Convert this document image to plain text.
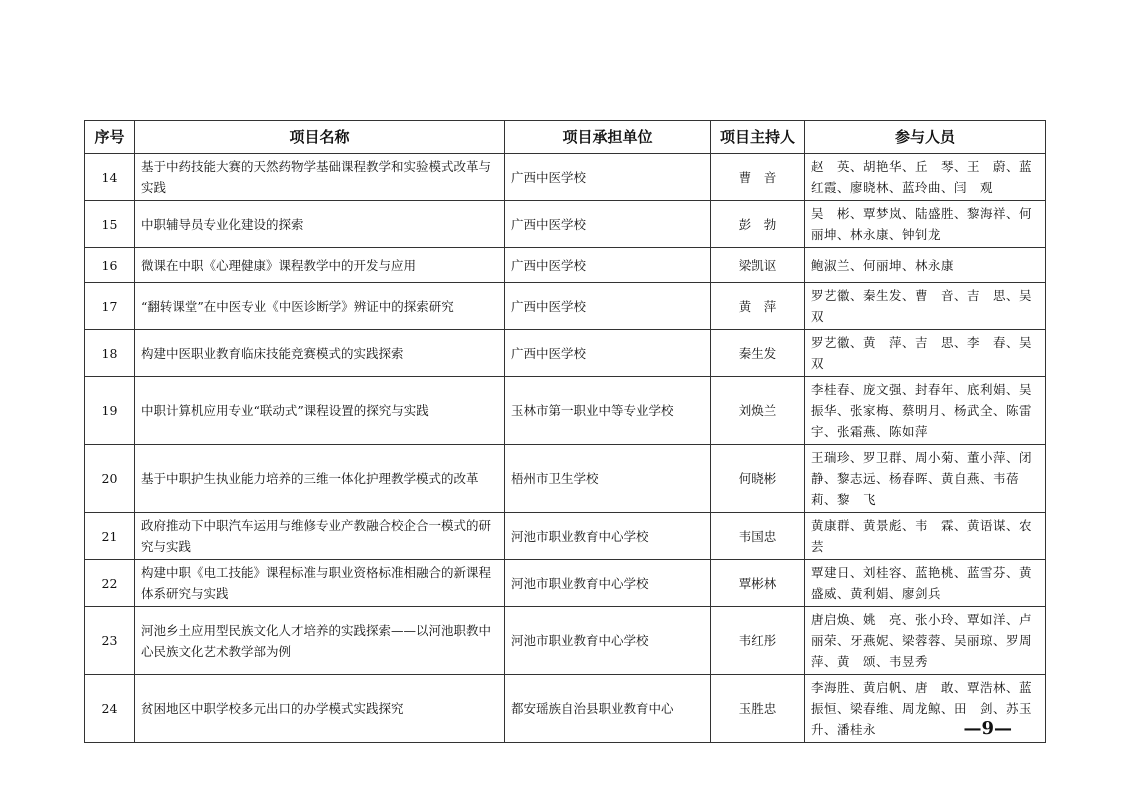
序号	项目名称	项目承担单位	项目主持人	参与人员
14	基于中药技能大赛的天然药物学基础课程教学和实验模式改革与实践	广西中医学校	曹　音	赵　英、胡艳华、丘　琴、王　蔚、蓝红霞、廖晓林、蓝玲曲、闫　观
15	中职辅导员专业化建设的探索	广西中医学校	彭　勃	吴　彬、覃梦岚、陆盛胜、黎海祥、何丽坤、林永康、钟钊龙
16	微课在中职《心理健康》课程教学中的开发与应用	广西中医学校	梁凯讴	鲍淑兰、何丽坤、林永康
17	“翻转课堂”在中医专业《中医诊断学》辨证中的探索研究	广西中医学校	黄　萍	罗艺徽、秦生发、曹　音、吉　思、吴　双
18	构建中医职业教育临床技能竞赛模式的实践探索	广西中医学校	秦生发	罗艺徽、黄　萍、吉　思、李　春、吴　双
19	中职计算机应用专业“联动式”课程设置的探究与实践	玉林市第一职业中等专业学校	刘焕兰	李桂春、庞文强、封春年、底利娟、吴振华、张家梅、蔡明月、杨武全、陈雷宇、张霜燕、陈如萍
20	基于中职护生执业能力培养的三维一体化护理教学模式的改革	梧州市卫生学校	何晓彬	王瑞珍、罗卫群、周小菊、董小萍、闭　静、黎志远、杨春晖、黄自燕、韦蓓莉、黎　飞
21	政府推动下中职汽车运用与维修专业产教融合校企合一模式的研究与实践	河池市职业教育中心学校	韦国忠	黄康群、黄景彪、韦　霖、黄语谋、农　芸
22	构建中职《电工技能》课程标准与职业资格标准相融合的新课程体系研究与实践	河池市职业教育中心学校	覃彬林	覃建日、刘桂容、蓝艳桃、蓝雪芬、黄盛威、黄利娟、廖剑兵
23	河池乡土应用型民族文化人才培养的实践探索——以河池职教中心民族文化艺术教学部为例	河池市职业教育中心学校	韦红彤	唐启焕、姚　亮、张小玲、覃如洋、卢丽荣、牙燕妮、梁蓉蓉、吴丽琼、罗周萍、黄　颂、韦昱秀
24	贫困地区中职学校多元出口的办学模式实践探究	都安瑶族自治县职业教育中心	玉胜忠	李海胜、黄启帆、唐　敢、覃浩林、蓝振恒、梁春维、周龙鲸、田　剑、苏玉升、潘桂永	—9—
